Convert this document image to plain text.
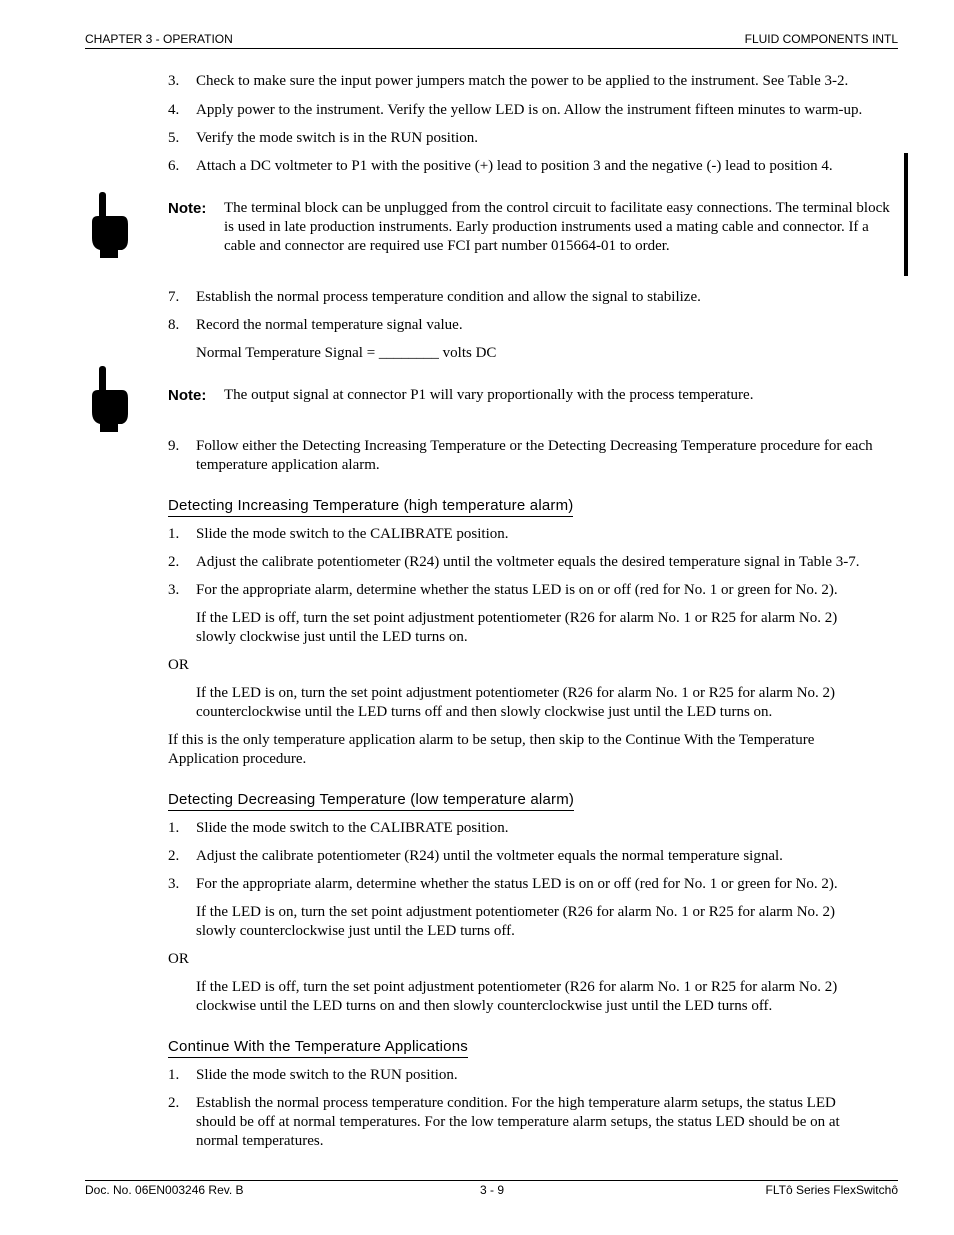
CHAPTER 3 - OPERATION	FLUID COMPONENTS INTL
3. Check to make sure the input power jumpers match the power to be applied to the instrument. See Table 3-2.
4. Apply power to the instrument. Verify the yellow LED is on. Allow the instrument fifteen minutes to warm-up.
5. Verify the mode switch is in the RUN position.
6. Attach a DC voltmeter to P1 with the positive (+) lead to position 3 and the negative (-) lead to position 4.
Note: The terminal block can be unplugged from the control circuit to facilitate easy connections. The terminal block is used in late production instruments. Early production instruments used a mating cable and connector. If a cable and connector are required use FCI part number 015664-01 to order.
7. Establish the normal process temperature condition and allow the signal to stabilize.
8. Record the normal temperature signal value.
Normal Temperature Signal = ________ volts DC
Note: The output signal at connector P1 will vary proportionally with the process temperature.
9. Follow either the Detecting Increasing Temperature or the Detecting Decreasing Temperature procedure for each temperature application alarm.
Detecting Increasing Temperature (high temperature alarm)
1. Slide the mode switch to the CALIBRATE position.
2. Adjust the calibrate potentiometer (R24) until the voltmeter equals the desired temperature signal in Table 3-7.
3. For the appropriate alarm, determine whether the status LED is on or off (red for No. 1 or green for No. 2).
If the LED is off, turn the set point adjustment potentiometer (R26 for alarm No. 1 or R25 for alarm No. 2) slowly clockwise just until the LED turns on.
OR
If the LED is on, turn the set point adjustment potentiometer (R26 for alarm No. 1 or R25 for alarm No. 2) counterclockwise until the LED turns off and then slowly clockwise just until the LED turns on.
If this is the only temperature application alarm to be setup, then skip to the Continue With the Temperature Application procedure.
Detecting Decreasing Temperature (low temperature alarm)
1. Slide the mode switch to the CALIBRATE position.
2. Adjust the calibrate potentiometer (R24) until the voltmeter equals the normal temperature signal.
3. For the appropriate alarm, determine whether the status LED is on or off (red for No. 1 or green for No. 2).
If the LED is on, turn the set point adjustment potentiometer (R26 for alarm No. 1 or R25 for alarm No. 2) slowly counterclockwise just until the LED turns off.
OR
If the LED is off, turn the set point adjustment potentiometer (R26 for alarm No. 1 or R25 for alarm No. 2) clockwise until the LED turns on and then slowly counterclockwise just until the LED turns off.
Continue With the Temperature Applications
1. Slide the mode switch to the RUN position.
2. Establish the normal process temperature condition. For the high temperature alarm setups, the status LED should be off at normal temperatures. For the low temperature alarm setups, the status LED should be on at normal temperatures.
Doc. No. 06EN003246 Rev. B	3 - 9	FLTô Series FlexSwitchô
